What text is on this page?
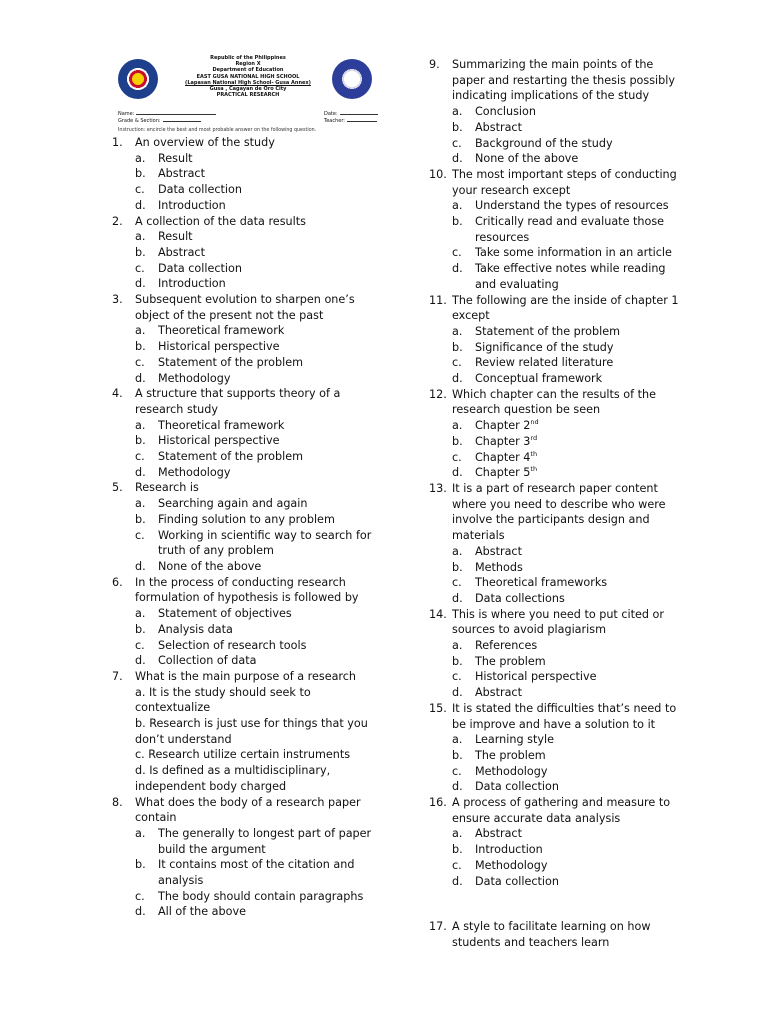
Republic of the Philippines
Region X
Department of Education
EAST GUSA NATIONAL HIGH SCHOOL
(Lapasan National High School- Gusa Annex)
Gusa , Cagayan de Oro City
PRACTICAL RESEARCH
Name:
Grade & Section:
Date:
Teacher:
Instruction: encircle the best and most probable answer on the following question.
1.	An overview of the study
a.	Result
b.	Abstract
c.	Data collection
d.	Introduction
2.	A collection of the data results
a.	Result
b.	Abstract
c.	Data collection
d.	Introduction
3.	Subsequent evolution to sharpen one’s object of the present not the past
a.	Theoretical framework
b.	Historical perspective
c.	Statement of the problem
d.	Methodology
4.	A structure that supports theory of a research study
a.	Theoretical framework
b.	Historical perspective
c.	Statement of the problem
d.	Methodology
5.	Research is
a.	Searching again and again
b.	Finding solution to any problem
c.	Working in scientific way to search for truth of any problem
d.	None of the above
6.	In the process of conducting research formulation of hypothesis is followed by
a.	Statement of objectives
b.	Analysis data
c.	Selection of research tools
d.	Collection of data
7.	What is the main purpose of a research
a. It is the study should seek to contextualize
b. Research is just use for things that you don’t understand
c. Research utilize certain instruments
d. Is defined as a multidisciplinary, independent body charged
8.	What does the body of a research paper contain
a.	The generally to longest part of paper build the argument
b.	It contains most of the citation and analysis
c.	The body should contain paragraphs
d.	All of the above
9.	Summarizing the main points of the paper and restarting the thesis possibly indicating implications of the study
a.	Conclusion
b.	Abstract
c.	Background of the study
d.	None of the above
10. The most important steps of conducting your research except
a.	Understand the types of resources
b.	Critically read and evaluate those resources
c.	Take some information in an article
d.	Take effective notes while reading and evaluating
11. The following are the inside of chapter 1 except
a.	Statement of the problem
b.	Significance of the study
c.	Review related literature
d.	Conceptual framework
12. Which chapter can the results of the research question be seen
a.	Chapter 2nd
b.	Chapter 3rd
c.	Chapter 4th
d.	Chapter 5th
13. It is a part of research paper content where you need to describe who were involve the participants design and materials
a.	Abstract
b.	Methods
c.	Theoretical frameworks
d.	Data collections
14. This is where you need to put cited or sources to avoid plagiarism
a.	References
b.	The problem
c.	Historical perspective
d.	Abstract
15. It is stated the difficulties that’s need to be improve and have a solution to it
a.	Learning style
b.	The problem
c.	Methodology
d.	Data collection
16. A process of gathering and measure to ensure accurate data analysis
a.	Abstract
b.	Introduction
c.	Methodology
d.	Data collection
17. A style to facilitate learning on how students and teachers learn
